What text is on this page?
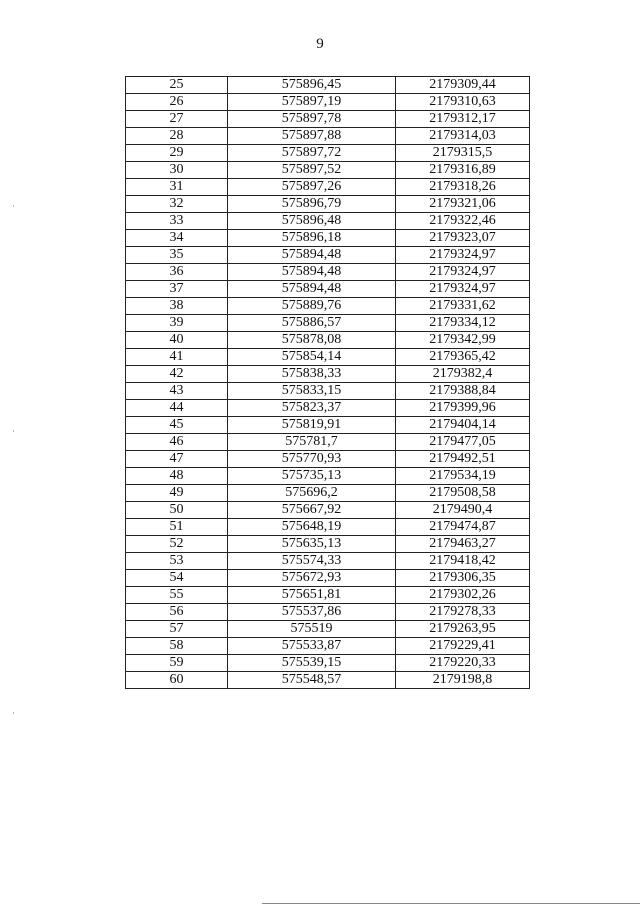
9
25	575896,45	2179309,44
26	575897,19	2179310,63
27	575897,78	2179312,17
28	575897,88	2179314,03
29	575897,72	2179315,5
30	575897,52	2179316,89
31	575897,26	2179318,26
32	575896,79	2179321,06
33	575896,48	2179322,46
34	575896,18	2179323,07
35	575894,48	2179324,97
36	575894,48	2179324,97
37	575894,48	2179324,97
38	575889,76	2179331,62
39	575886,57	2179334,12
40	575878,08	2179342,99
41	575854,14	2179365,42
42	575838,33	2179382,4
43	575833,15	2179388,84
44	575823,37	2179399,96
45	575819,91	2179404,14
46	575781,7	2179477,05
47	575770,93	2179492,51
48	575735,13	2179534,19
49	575696,2	2179508,58
50	575667,92	2179490,4
51	575648,19	2179474,87
52	575635,13	2179463,27
53	575574,33	2179418,42
54	575672,93	2179306,35
55	575651,81	2179302,26
56	575537,86	2179278,33
57	575519	2179263,95
58	575533,87	2179229,41
59	575539,15	2179220,33
60	575548,57	2179198,8
